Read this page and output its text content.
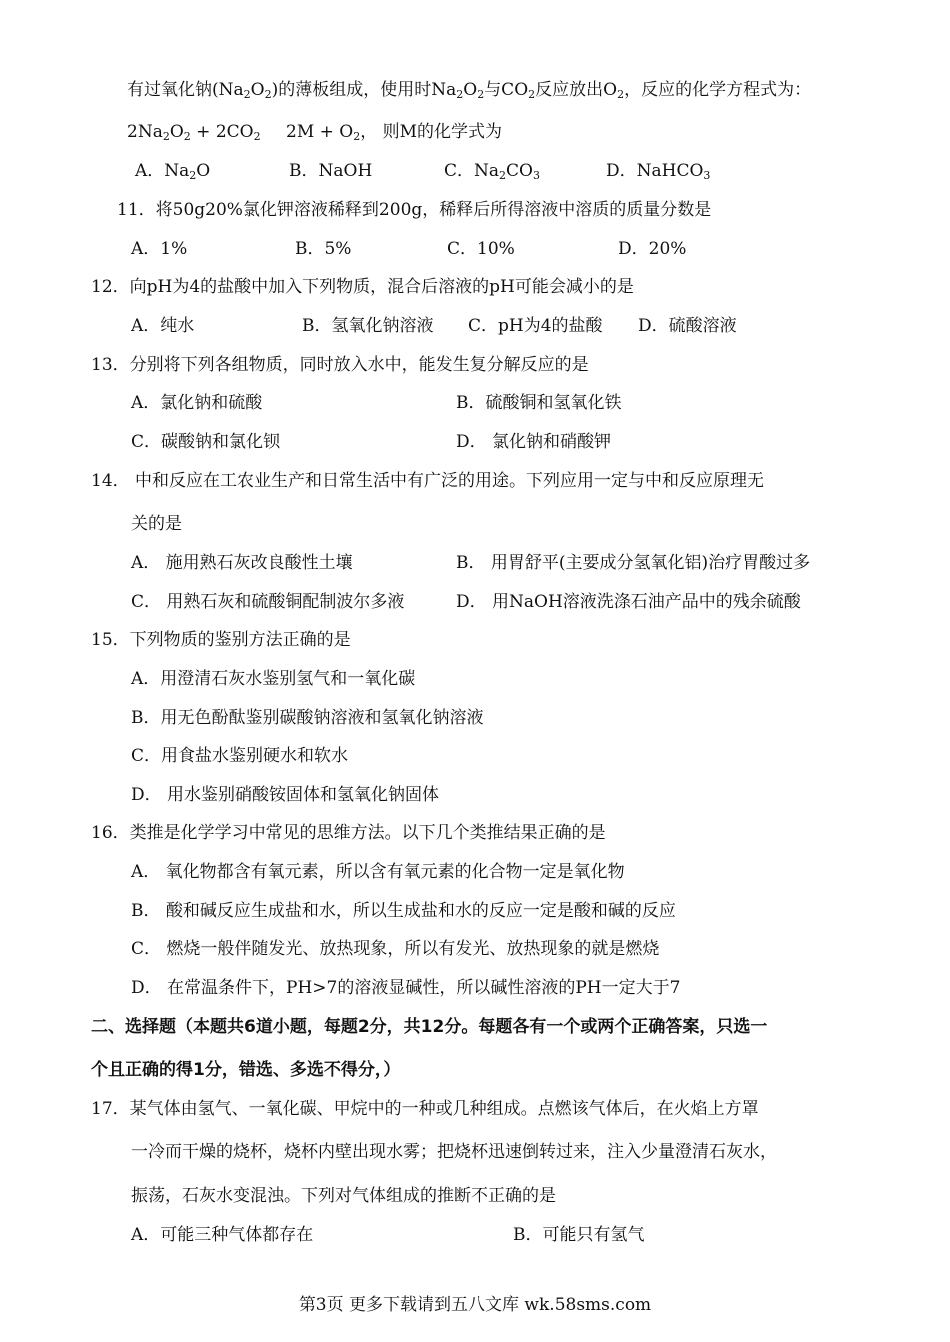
有过氧化钠$(Na_2O_2)$的薄板组成，使用时$Na_2O_2$与$CO_2$反应放出$O_2$，反应的化学方程式为：
$2Na_2O_2 + 2CO_2$ $2M + O_2$， 则M的化学式为
A．$Na_2O$	B．NaOH	C．$Na_2CO_3$	D．NaHCO$_3$
11．将50g20%氯化钾溶液稀释到200g，稀释后所得溶液中溶质的质量分数是
A．1%	B．5%	C．10%	D．20%
12．向pH为4的盐酸中加入下列物质，混合后溶液的pH可能会减小的是
A．纯水	B．氢氧化钠溶液 C．pH为4的盐酸 D．硫酸溶液
13．分别将下列各组物质，同时放入水中，能发生复分解反应的是
A．氯化钠和硫酸	B．硫酸铜和氢氧化铁
C．碳酸钠和氯化钡	D． 氯化钠和硝酸钾
14． 中和反应在工农业生产和日常生活中有广泛的用途。下列应用一定与中和反应原理无
关的是
A． 施用熟石灰改良酸性土壤	B． 用胃舒平(主要成分氢氧化铝)治疗胃酸过多
C． 用熟石灰和硫酸铜配制波尔多液	D． 用NaOH溶液洗涤石油产品中的残余硫酸
15．下列物质的鉴别方法正确的是
A．用澄清石灰水鉴别氢气和一氧化碳
B．用无色酚酞鉴别碳酸钠溶液和氢氧化钠溶液
C．用食盐水鉴别硬水和软水
D． 用水鉴别硝酸铵固体和氢氧化钠固体
16．类推是化学学习中常见的思维方法。以下几个类推结果正确的是
A． 氧化物都含有氧元素，所以含有氧元素的化合物一定是氧化物
B． 酸和碱反应生成盐和水，所以生成盐和水的反应一定是酸和碱的反应
C． 燃烧一般伴随发光、放热现象，所以有发光、放热现象的就是燃烧
D． 在常温条件下，PH>7的溶液显碱性，所以碱性溶液的PH一定大于7
二、选择题（本题共6道小题，每题2分，共12分。每题各有一个或两个正确答案，只选一
个且正确的得1分，错选、多选不得分，）
17．某气体由氢气、一氧化碳、甲烷中的一种或几种组成。点燃该气体后，在火焰上方罩
一冷而干燥的烧杯，烧杯内壁出现水雾；把烧杯迅速倒转过来，注入少量澄清石灰水，
振荡，石灰水变混浊。下列对气体组成的推断不正确的是
A．可能三种气体都存在	B．可能只有氢气
第3页 更多下载请到五八文库 wk.58sms.com
